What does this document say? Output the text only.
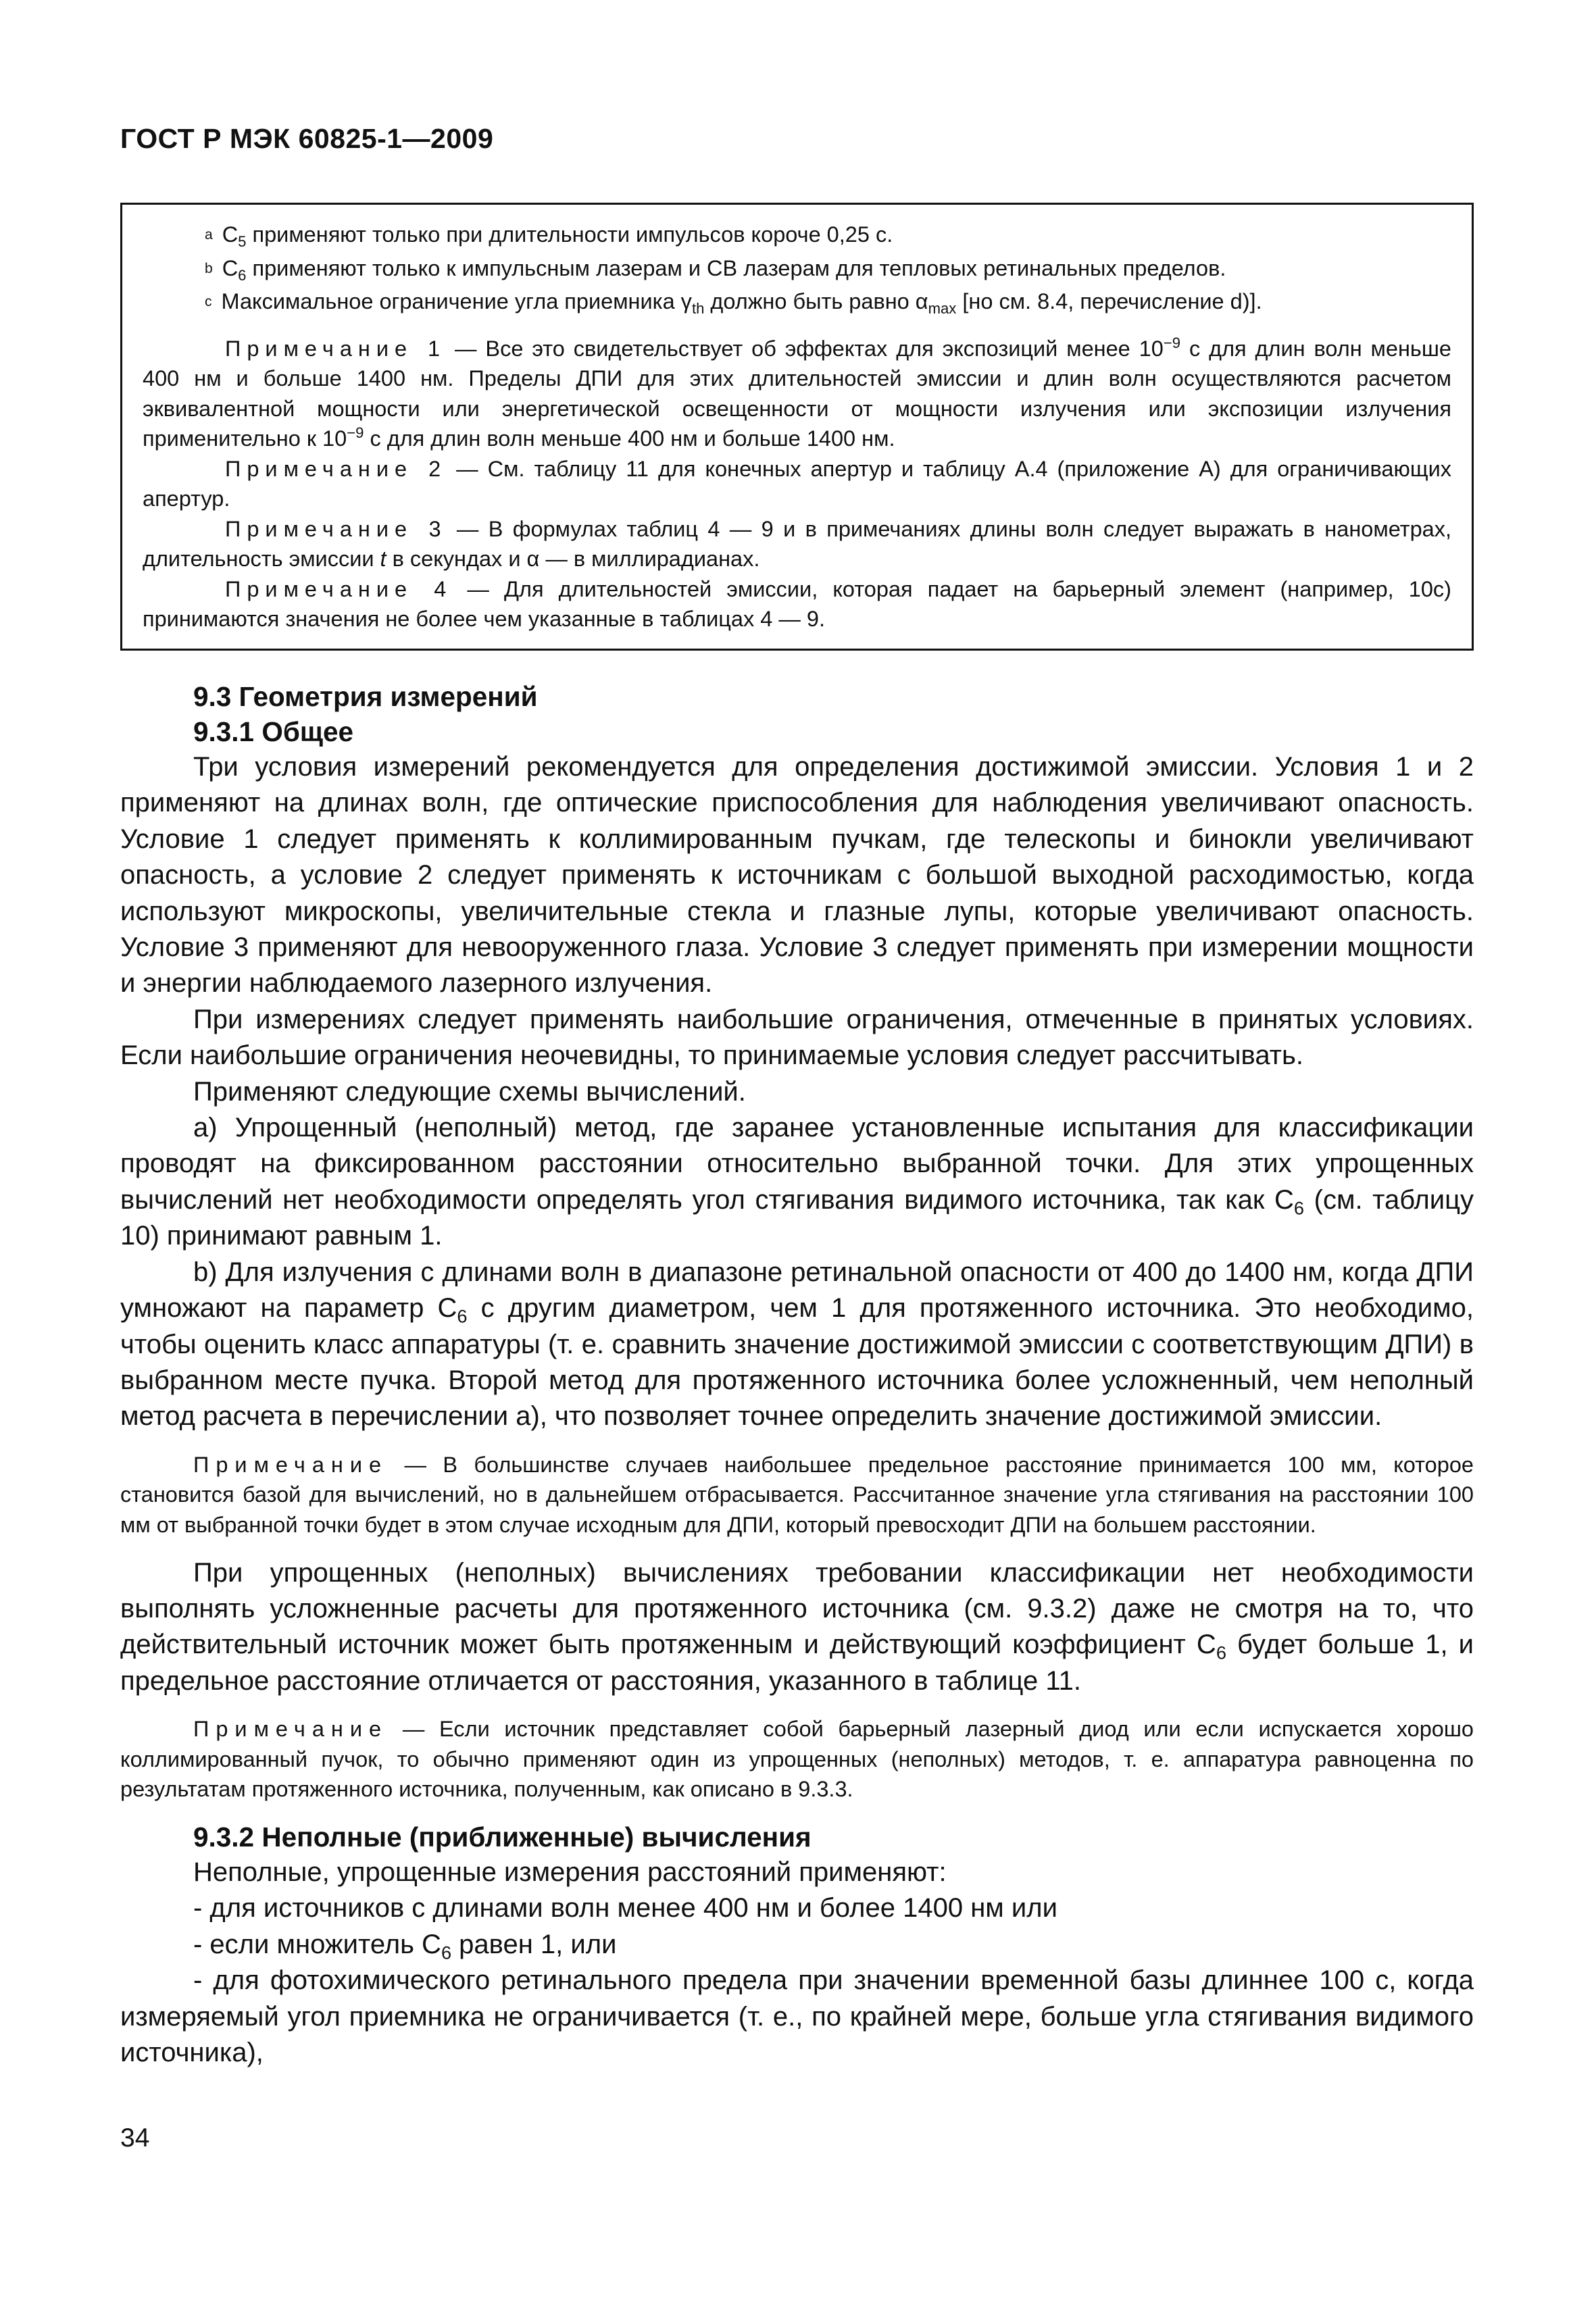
ГОСТ Р МЭК 60825-1—2009
$^a$ $C_5$ применяют только при длительности импульсов короче 0,25 с.
$^b$ $C_6$ применяют только к импульсным лазерам и СВ лазерам для тепловых ретинальных пределов.
$^c$ Максимальное ограничение угла приемника $\gamma_{th}$ должно быть равно $\alpha_{max}$ [но см. 8.4, перечисление d)].

Примечание 1 — Все это свидетельствует об эффектах для экспозиций менее $10^{-9}$ с для длин волн меньше 400 нм и больше 1400 нм. Пределы ДПИ для этих длительностей эмиссии и длин волн осуществляются расчетом эквивалентной мощности или энергетической освещенности от мощности излучения или экспозиции излучения применительно к $10^{-9}$ с для длин волн меньше 400 нм и больше 1400 нм.

Примечание 2 — См. таблицу 11 для конечных апертур и таблицу А.4 (приложение А) для ограничивающих апертур.

Примечание 3 — В формулах таблиц 4 — 9 и в примечаниях длины волн следует выражать в нанометрах, длительность эмиссии t в секундах и α — в миллирадианах.

Примечание 4 — Для длительностей эмиссии, которая падает на барьерный элемент (например, 10с) принимаются значения не более чем указанные в таблицах 4 — 9.

9.3 Геометрия измерений
9.3.1 Общее

Три условия измерений рекомендуется для определения достижимой эмиссии. Условия 1 и 2 применяют на длинах волн, где оптические приспособления для наблюдения увеличивают опасность. Условие 1 следует применять к коллимированным пучкам, где телескопы и бинокли увеличивают опасность, а условие 2 следует применять к источникам с большой выходной расходимостью, когда используют микроскопы, увеличительные стекла и глазные лупы, которые увеличивают опасность. Условие 3 применяют для невооруженного глаза. Условие 3 следует применять при измерении мощности и энергии наблюдаемого лазерного излучения.

При измерениях следует применять наибольшие ограничения, отмеченные в принятых условиях. Если наибольшие ограничения неочевидны, то принимаемые условия следует рассчитывать.

Применяют следующие схемы вычислений.

а) Упрощенный (неполный) метод, где заранее установленные испытания для классификации проводят на фиксированном расстоянии относительно выбранной точки. Для этих упрощенных вычислений нет необходимости определять угол стягивания видимого источника, так как $C_6$ (см. таблицу 10) принимают равным 1.

b) Для излучения с длинами волн в диапазоне ретинальной опасности от 400 до 1400 нм, когда ДПИ умножают на параметр $C_6$ с другим диаметром, чем 1 для протяженного источника. Это необходимо, чтобы оценить класс аппаратуры (т. е. сравнить значение достижимой эмиссии с соответствующим ДПИ) в выбранном месте пучка. Второй метод для протяженного источника более усложненный, чем неполный метод расчета в перечислении а), что позволяет точнее определить значение достижимой эмиссии.

Примечание — В большинстве случаев наибольшее предельное расстояние принимается 100 мм, которое становится базой для вычислений, но в дальнейшем отбрасывается. Рассчитанное значение угла стягивания на расстоянии 100 мм от выбранной точки будет в этом случае исходным для ДПИ, который превосходит ДПИ на большем расстоянии.

При упрощенных (неполных) вычислениях требовании классификации нет необходимости выполнять усложненные расчеты для протяженного источника (см. 9.3.2) даже не смотря на то, что действительный источник может быть протяженным и действующий коэффициент $C_6$ будет больше 1, и предельное расстояние отличается от расстояния, указанного в таблице 11.

Примечание — Если источник представляет собой барьерный лазерный диод или если испускается хорошо коллимированный пучок, то обычно применяют один из упрощенных (неполных) методов, т. е. аппаратура равноценна по результатам протяженного источника, полученным, как описано в 9.3.3.

9.3.2 Неполные (приближенные) вычисления

Неполные, упрощенные измерения расстояний применяют:

- для источников с длинами волн менее 400 нм и более 1400 нм или

- если множитель $C_6$ равен 1, или

- для фотохимического ретинального предела при значении временной базы длиннее 100 с, когда измеряемый угол приемника не ограничивается (т. е., по крайней мере, больше угла стягивания видимого источника),

34
